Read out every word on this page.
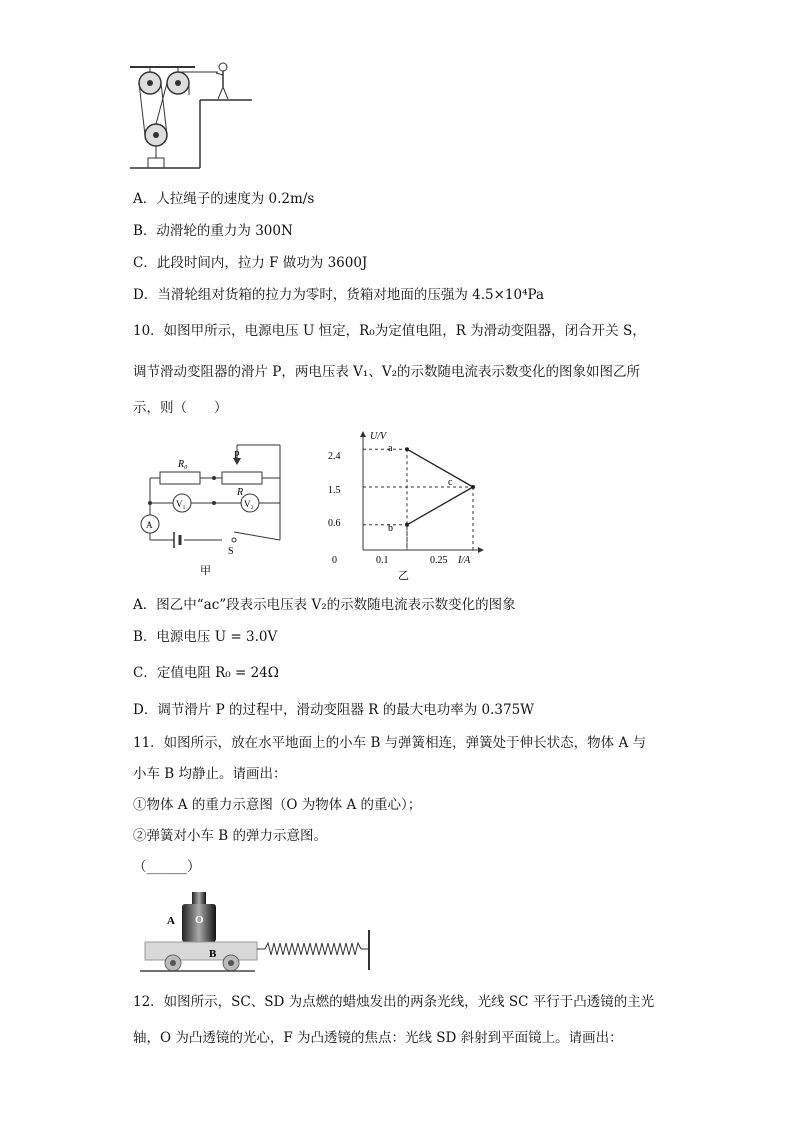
A．人拉绳子的速度为 0.2m/s
B．动滑轮的重力为 300N
C．此段时间内，拉力 F 做功为 3600J
D．当滑轮组对货箱的拉力为零时，货箱对地面的压强为 4.5×10⁴Pa
10．如图甲所示，电源电压 U 恒定，R₀为定值电阻，R 为滑动变阻器，闭合开关 S，
调节滑动变阻器的滑片 P，两电压表 V₁、V₂的示数随电流表示数变化的图象如图乙所
示，则（　　）
R₀
P
R
V₁	V₂
A
S
甲
U/V
I/A
0
2.4
1.5
0.6
0.1	0.25
a
b
c
乙
A．图乙中“ac”段表示电压表 V₂的示数随电流表示数变化的图象
B．电源电压 U = 3.0V
C．定值电阻 R₀ = 24Ω
D．调节滑片 P 的过程中，滑动变阻器 R 的最大电功率为 0.375W
11．如图所示，放在水平地面上的小车 B 与弹簧相连，弹簧处于伸长状态，物体 A 与
小车 B 均静止。请画出：
①物体 A 的重力示意图（O 为物体 A 的重心）；
②弹簧对小车 B 的弹力示意图。
（______）
A O
B
12．如图所示，SC、SD 为点燃的蜡烛发出的两条光线，光线 SC 平行于凸透镜的主光
轴，O 为凸透镜的光心，F 为凸透镜的焦点：光线 SD 斜射到平面镜上。请画出：
